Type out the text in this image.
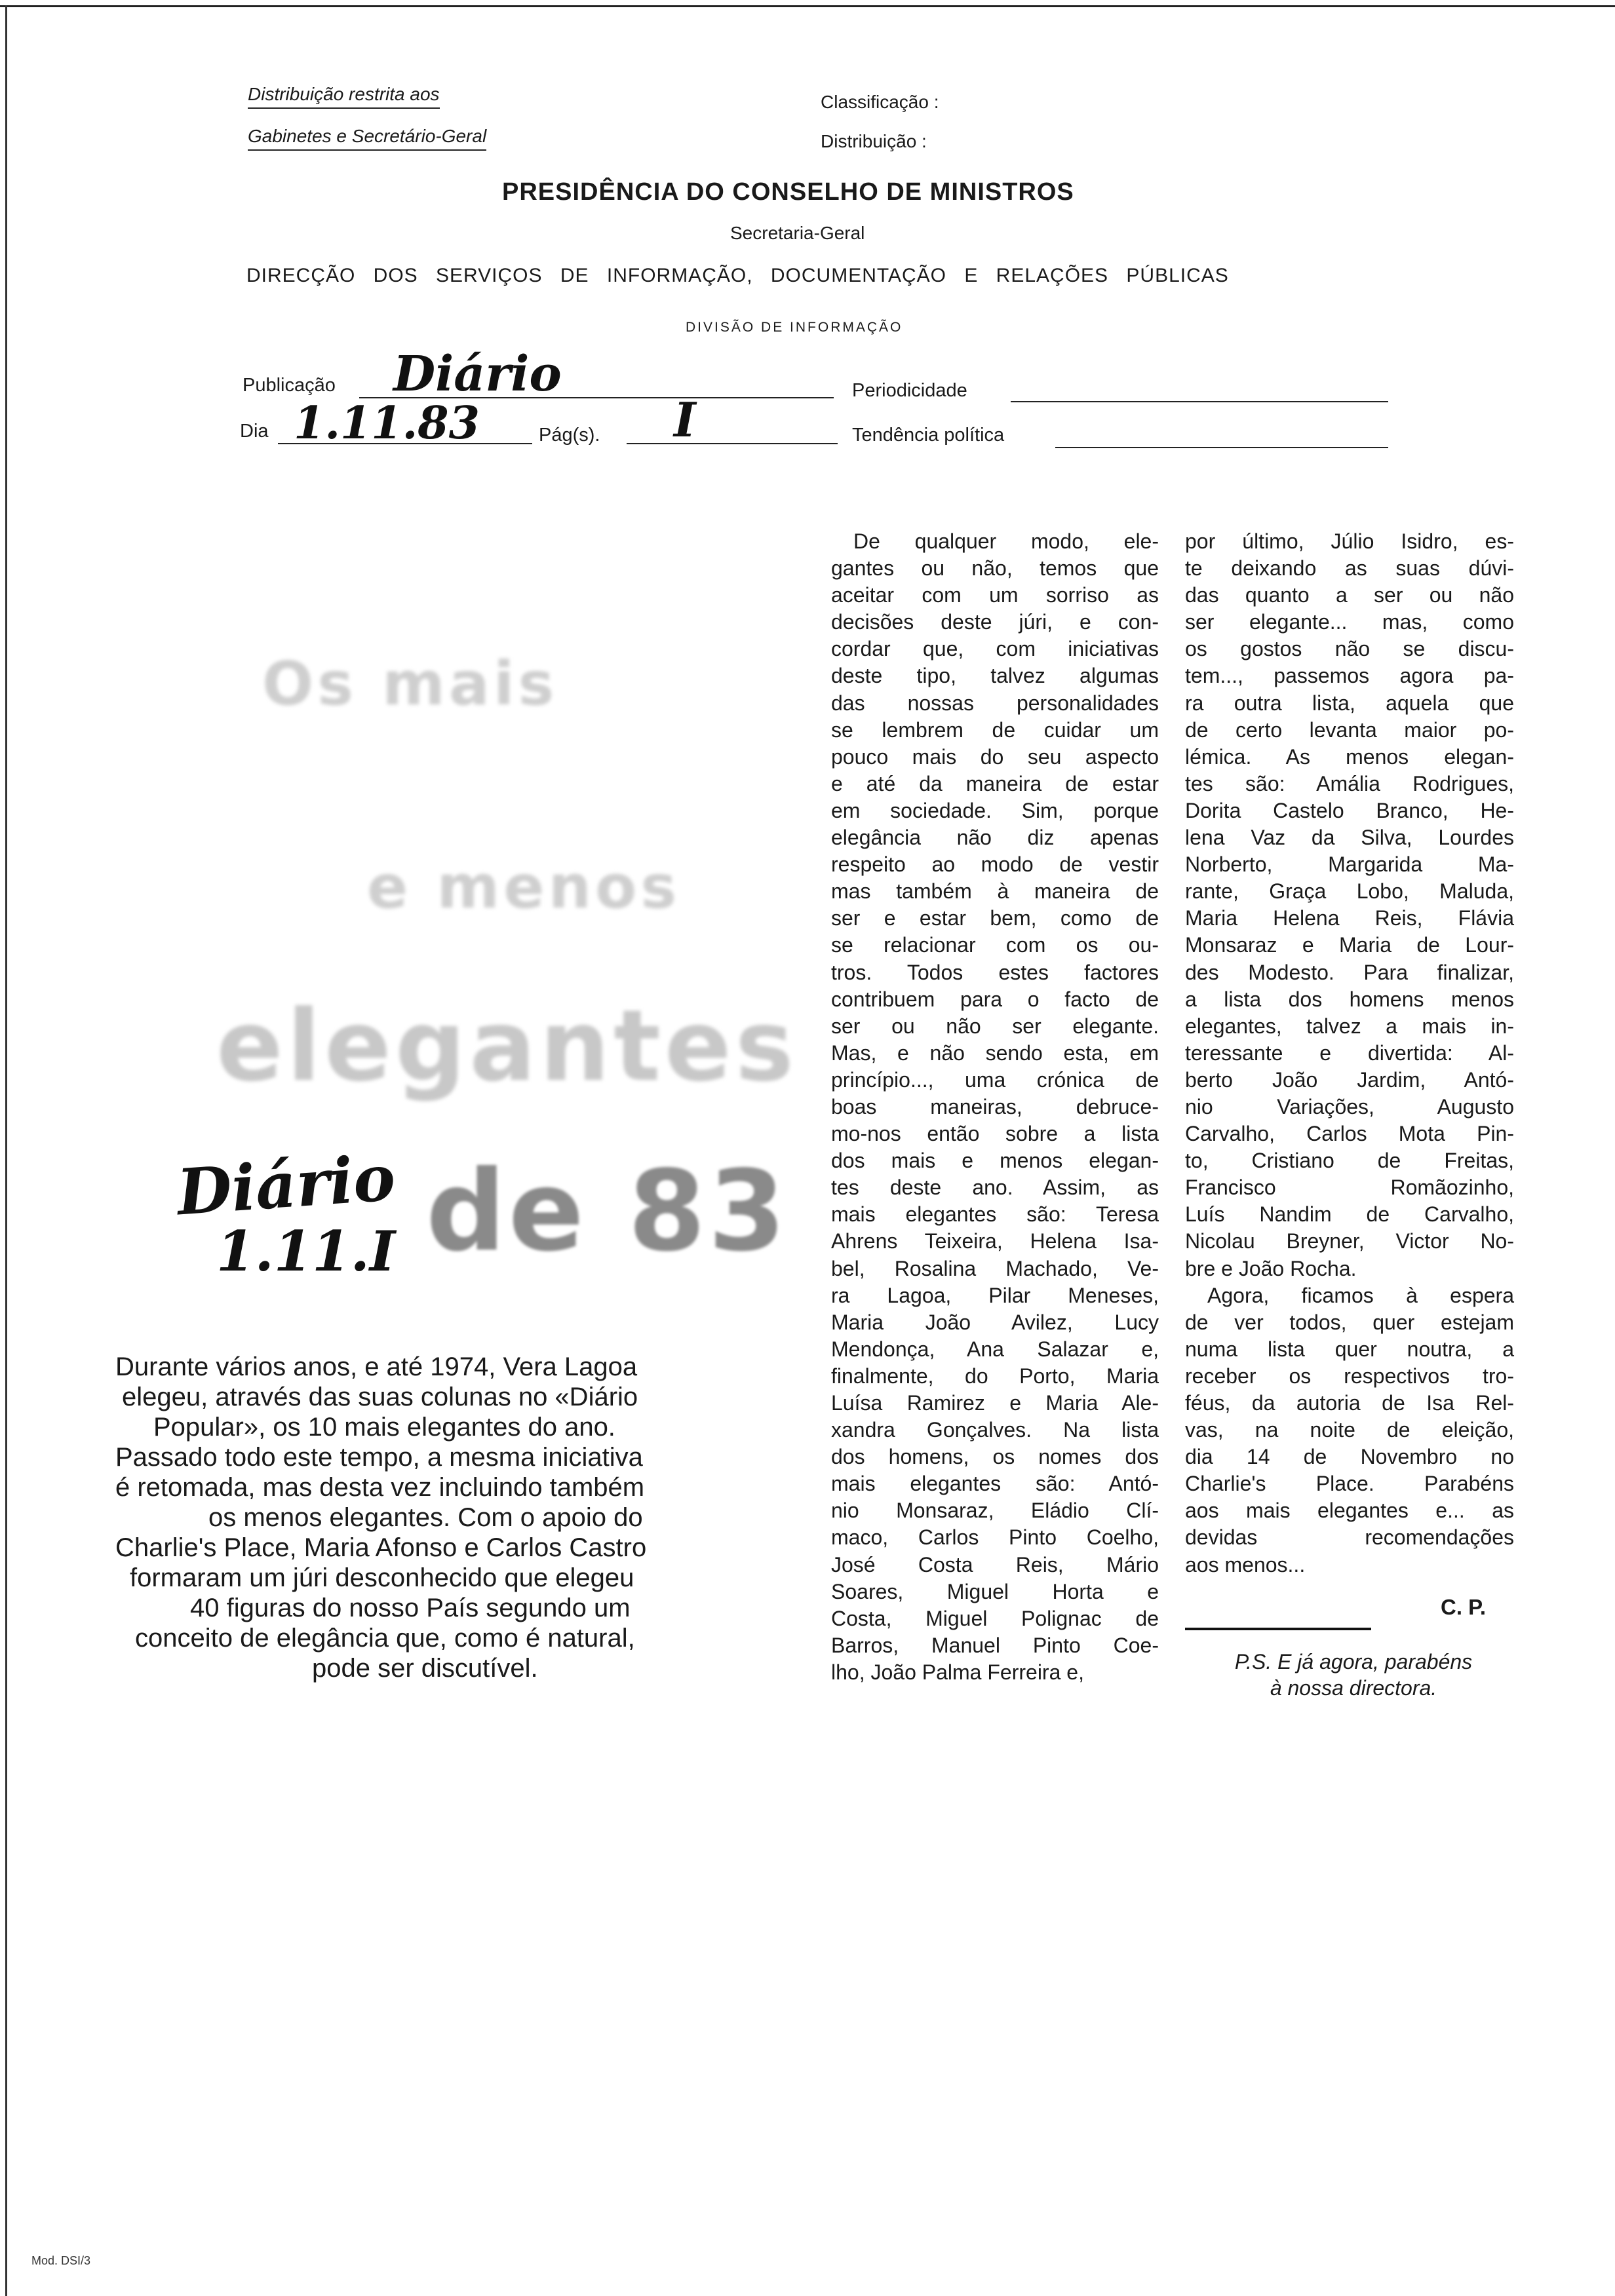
Distribuição restrita aos
Gabinetes e Secretário-Geral
Classificação :
Distribuição :
PRESIDÊNCIA DO CONSELHO DE MINISTROS
Secretaria-Geral
DIRECÇÃO DOS SERVIÇOS DE INFORMAÇÃO, DOCUMENTAÇÃO E RELAÇÕES PÚBLICAS
DIVISÃO DE INFORMAÇÃO
Publicação Diário	Periodicidade
Dia 1.11.83	Pág(s). I	Tendência política
Os mais
e menos
elegantes
de 83
Diário
1.11.I
Durante vários anos, e até 1974, Vera Lagoa
elegeu, através das suas colunas no «Diário
Popular», os 10 mais elegantes do ano.
Passado todo este tempo, a mesma iniciativa
é retomada, mas desta vez incluindo também
os menos elegantes. Com o apoio do
Charlie's Place, Maria Afonso e Carlos Castro
formaram um júri desconhecido que elegeu
40 figuras do nosso País segundo um
conceito de elegância que, como é natural,
pode ser discutível.
De qualquer modo, ele-
gantes ou não, temos que
aceitar com um sorriso as
decisões deste júri, e con-
cordar que, com iniciativas
deste tipo, talvez algumas
das nossas personalidades
se lembrem de cuidar um
pouco mais do seu aspecto
e até da maneira de estar
em sociedade. Sim, porque
elegância não diz apenas
respeito ao modo de vestir
mas também à maneira de
ser e estar bem, como de
se relacionar com os ou-
tros. Todos estes factores
contribuem para o facto de
ser ou não ser elegante.
Mas, e não sendo esta, em
princípio..., uma crónica de
boas maneiras, debruce-
mo-nos então sobre a lista
dos mais e menos elegan-
tes deste ano. Assim, as
mais elegantes são: Teresa
Ahrens Teixeira, Helena Isa-
bel, Rosalina Machado, Ve-
ra Lagoa, Pilar Meneses,
Maria João Avilez, Lucy
Mendonça, Ana Salazar e,
finalmente, do Porto, Maria
Luísa Ramirez e Maria Ale-
xandra Gonçalves. Na lista
dos homens, os nomes dos
mais elegantes são: Antó-
nio Monsaraz, Eládio Clí-
maco, Carlos Pinto Coelho,
José Costa Reis, Mário
Soares, Miguel Horta e
Costa, Miguel Polignac de
Barros, Manuel Pinto Coe-
lho, João Palma Ferreira e,
por último, Júlio Isidro, es-
te deixando as suas dúvi-
das quanto a ser ou não
ser elegante... mas, como
os gostos não se discu-
tem..., passemos agora pa-
ra outra lista, aquela que
de certo levanta maior po-
lémica. As menos elegan-
tes são: Amália Rodrigues,
Dorita Castelo Branco, He-
lena Vaz da Silva, Lourdes
Norberto, Margarida Ma-
rante, Graça Lobo, Maluda,
Maria Helena Reis, Flávia
Monsaraz e Maria de Lour-
des Modesto. Para finalizar,
a lista dos homens menos
elegantes, talvez a mais in-
teressante e divertida: Al-
berto João Jardim, Antó-
nio Variações, Augusto
Carvalho, Carlos Mota Pin-
to, Cristiano de Freitas,
Francisco Romãozinho,
Luís Nandim de Carvalho,
Nicolau Breyner, Victor No-
bre e João Rocha.
Agora, ficamos à espera
de ver todos, quer estejam
numa lista quer noutra, a
receber os respectivos tro-
féus, da autoria de Isa Rel-
vas, na noite de eleição,
dia 14 de Novembro no
Charlie's Place. Parabéns
aos mais elegantes e... as
devidas recomendações
aos menos...
C. P.
P.S. E já agora, parabéns
à nossa directora.
Mod. DSI/3
